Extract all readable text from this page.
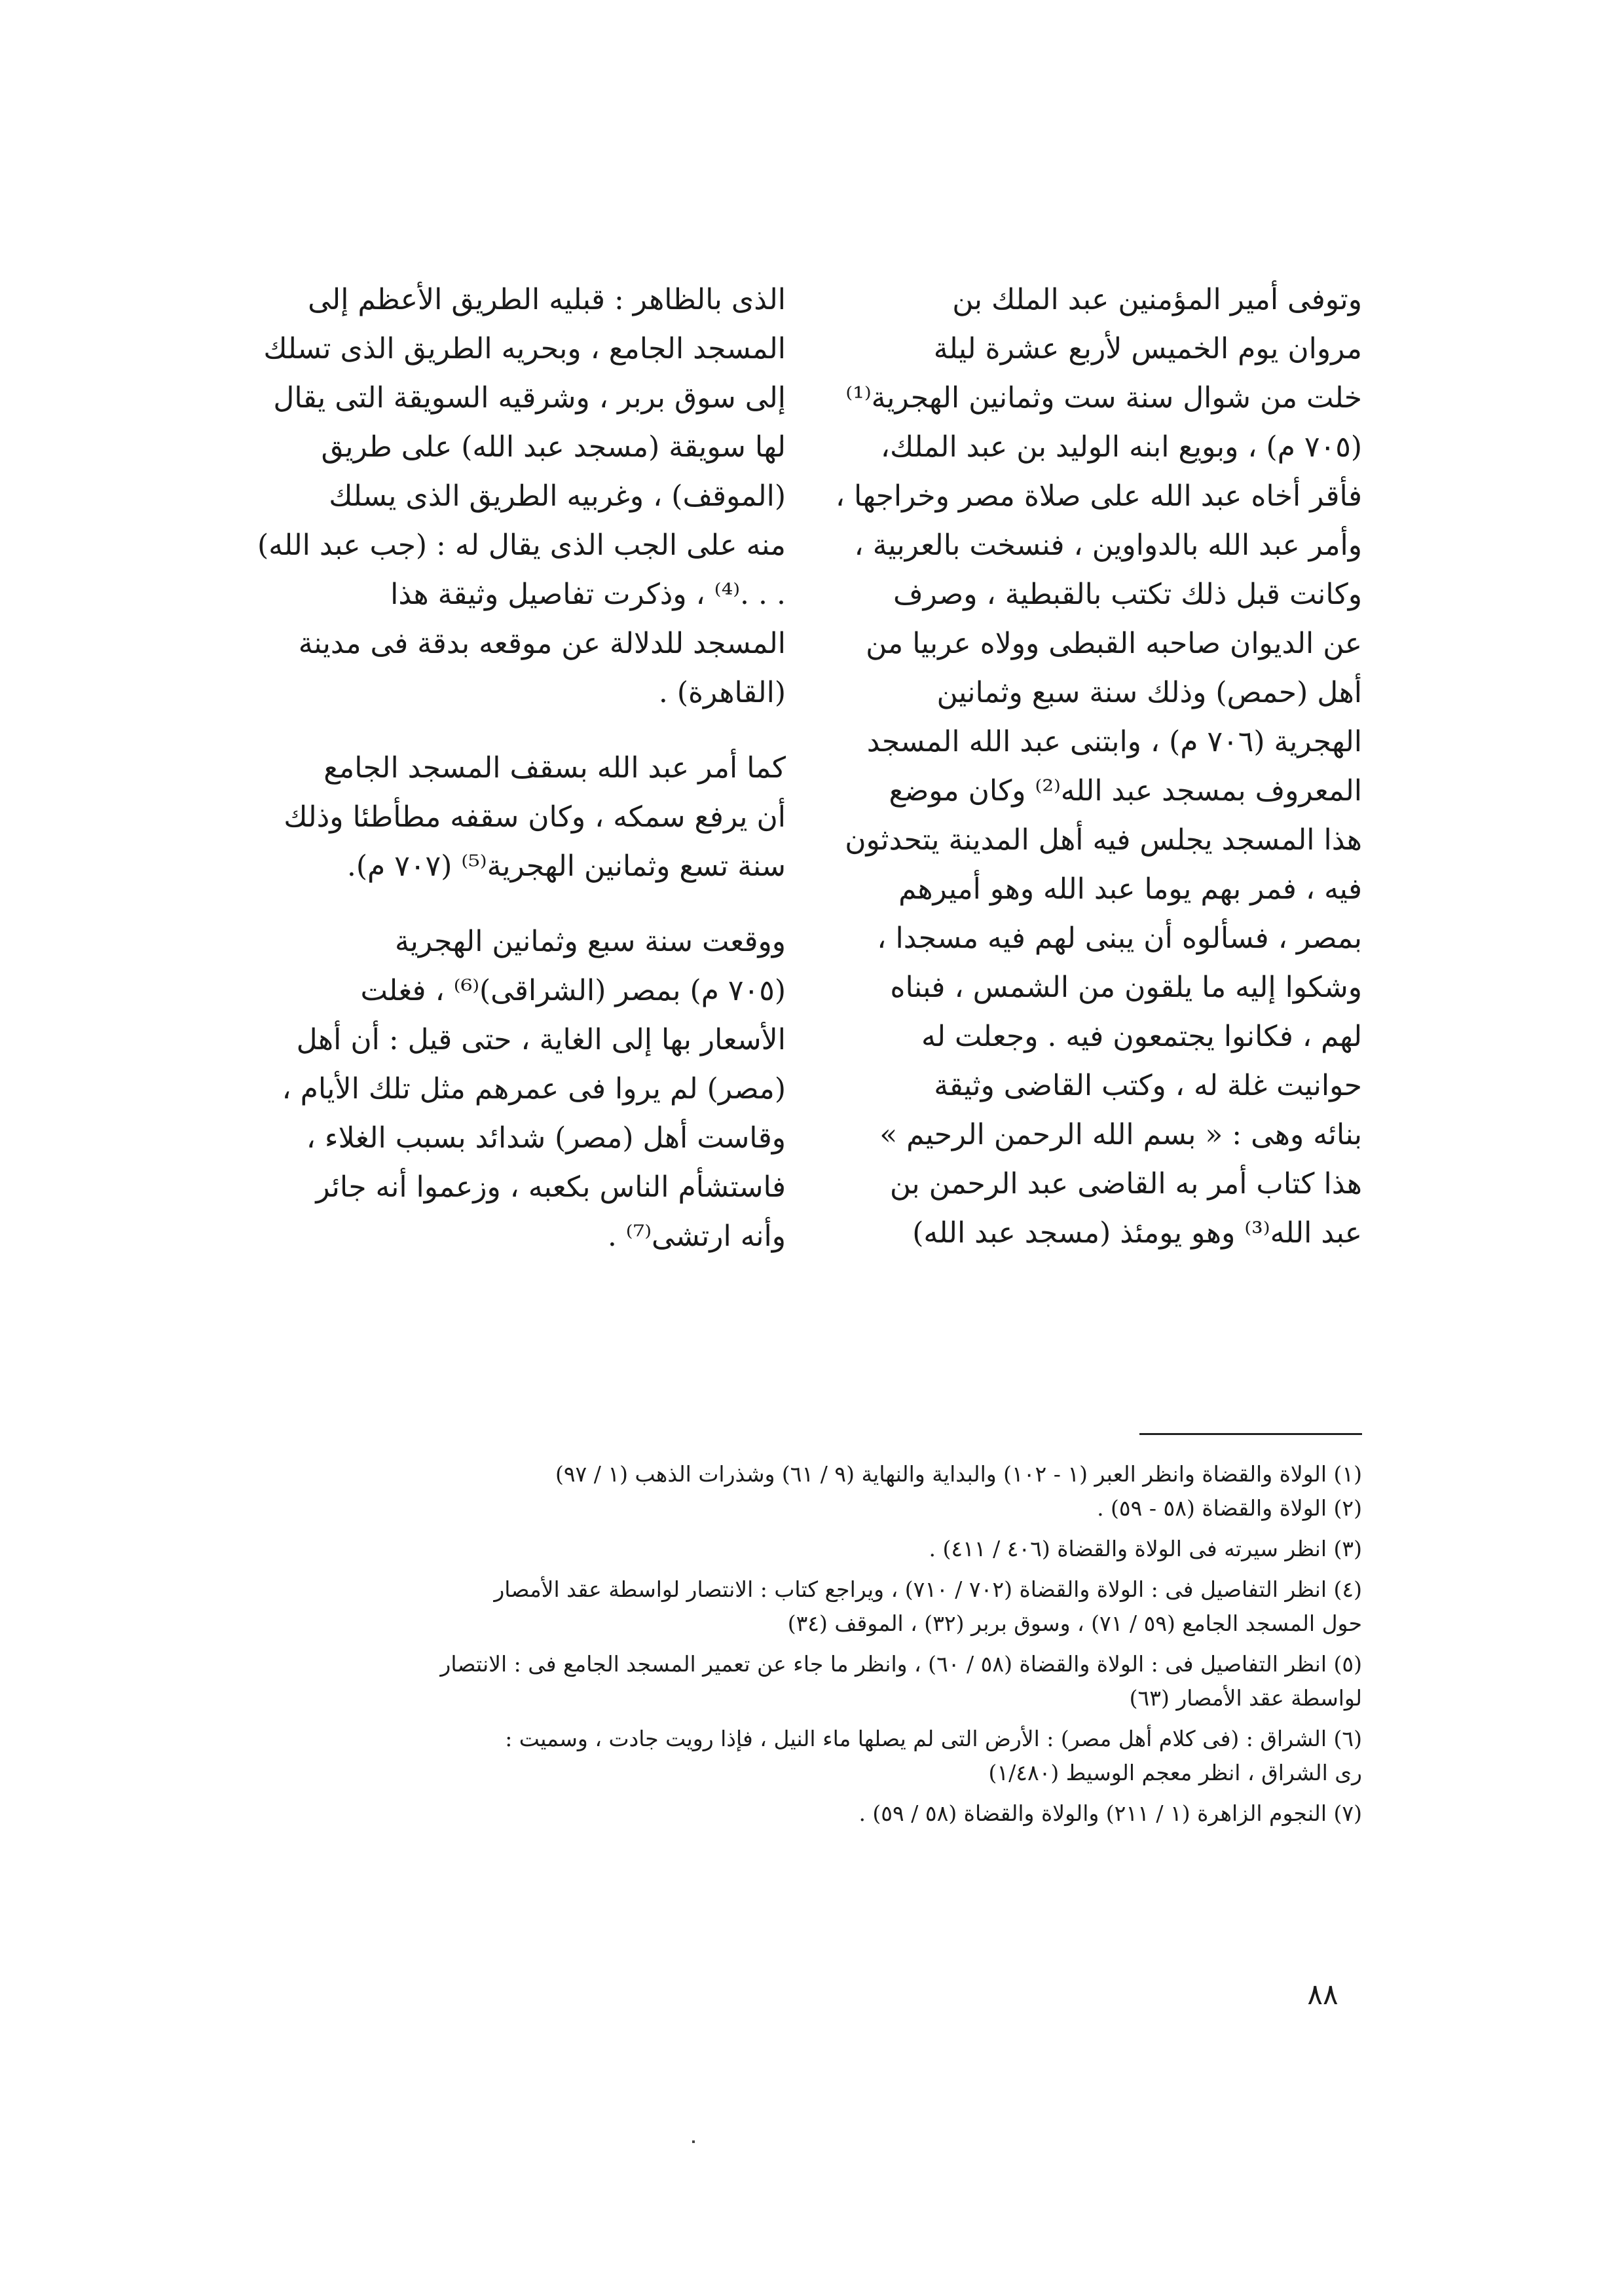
وتوفى أمير المؤمنين عبد الملك بن
مروان يوم الخميس لأربع عشرة ليلة
خلت من شوال سنة ست وثمانين الهجرية⁽¹⁾
(٧٠٥ م) ، وبويع ابنه الوليد بن عبد الملك،
فأقر أخاه عبد الله على صلاة مصر وخراجها ،
وأمر عبد الله بالدواوين ، فنسخت بالعربية ،
وكانت قبل ذلك تكتب بالقبطية ، وصرف
عن الديوان صاحبه القبطى وولاه عربيا من
أهل (حمص) وذلك سنة سبع وثمانين
الهجرية (٧٠٦ م) ، وابتنى عبد الله المسجد
المعروف بمسجد عبد الله⁽²⁾ وكان موضع
هذا المسجد يجلس فيه أهل المدينة يتحدثون
فيه ، فمر بهم يوما عبد الله وهو أميرهم
بمصر ، فسألوه أن يبنى لهم فيه مسجدا ،
وشكوا إليه ما يلقون من الشمس ، فبناه
لهم ، فكانوا يجتمعون فيه . وجعلت له
حوانيت غلة له ، وكتب القاضى وثيقة
بنائه وهى : « بسم الله الرحمن الرحيم »
هذا كتاب أمر به القاضى عبد الرحمن بن
عبد الله⁽³⁾ وهو يومئذ (مسجد عبد الله)
الذى بالظاهر : قبليه الطريق الأعظم إلى
المسجد الجامع ، وبحريه الطريق الذى تسلك
إلى سوق بربر ، وشرقيه السويقة التى يقال
لها سويقة (مسجد عبد الله) على طريق
(الموقف) ، وغربيه الطريق الذى يسلك
منه على الجب الذى يقال له : (جب عبد الله)
. . .⁽⁴⁾ ، وذكرت تفاصيل وثيقة هذا
المسجد للدلالة عن موقعه بدقة فى مدينة
(القاهرة) .
كما أمر عبد الله بسقف المسجد الجامع
أن يرفع سمكه ، وكان سقفه مطأطئا وذلك
سنة تسع وثمانين الهجرية⁽⁵⁾ (٧٠٧ م).
ووقعت سنة سبع وثمانين الهجرية
(٧٠٥ م) بمصر (الشراقى)⁽⁶⁾ ، فغلت
الأسعار بها إلى الغاية ، حتى قيل : أن أهل
(مصر) لم يروا فى عمرهم مثل تلك الأيام ،
وقاست أهل (مصر) شدائد بسبب الغلاء ،
فاستشأم الناس بكعبه ، وزعموا أنه جائر
وأنه ارتشى⁽⁷⁾ .
(١) الولاة والقضاة وانظر العبر (١ - ١٠٢) والبداية والنهاية (٩ / ٦١) وشذرات الذهب (١ / ٩٧)
(٢) الولاة والقضاة (٥٨ - ٥٩) .
(٣) انظر سيرته فى الولاة والقضاة (٤٠٦ / ٤١١) .
(٤) انظر التفاصيل فى : الولاة والقضاة (٧٠٢ / ٧١٠) ، ويراجع كتاب : الانتصار لواسطة عقد الأمصار
حول المسجد الجامع (٥٩ / ٧١) ، وسوق بربر (٣٢) ، الموقف (٣٤)
(٥) انظر التفاصيل فى : الولاة والقضاة (٥٨ / ٦٠) ، وانظر ما جاء عن تعمير المسجد الجامع فى : الانتصار
لواسطة عقد الأمصار (٦٣)
(٦) الشراق : (فى كلام أهل مصر) : الأرض التى لم يصلها ماء النيل ، فإذا رويت جادت ، وسميت :
رى الشراق ، انظر معجم الوسيط (١/٤٨٠)
(٧) النجوم الزاهرة (١ / ٢١١) والولاة والقضاة (٥٨ / ٥٩) .
٨٨
